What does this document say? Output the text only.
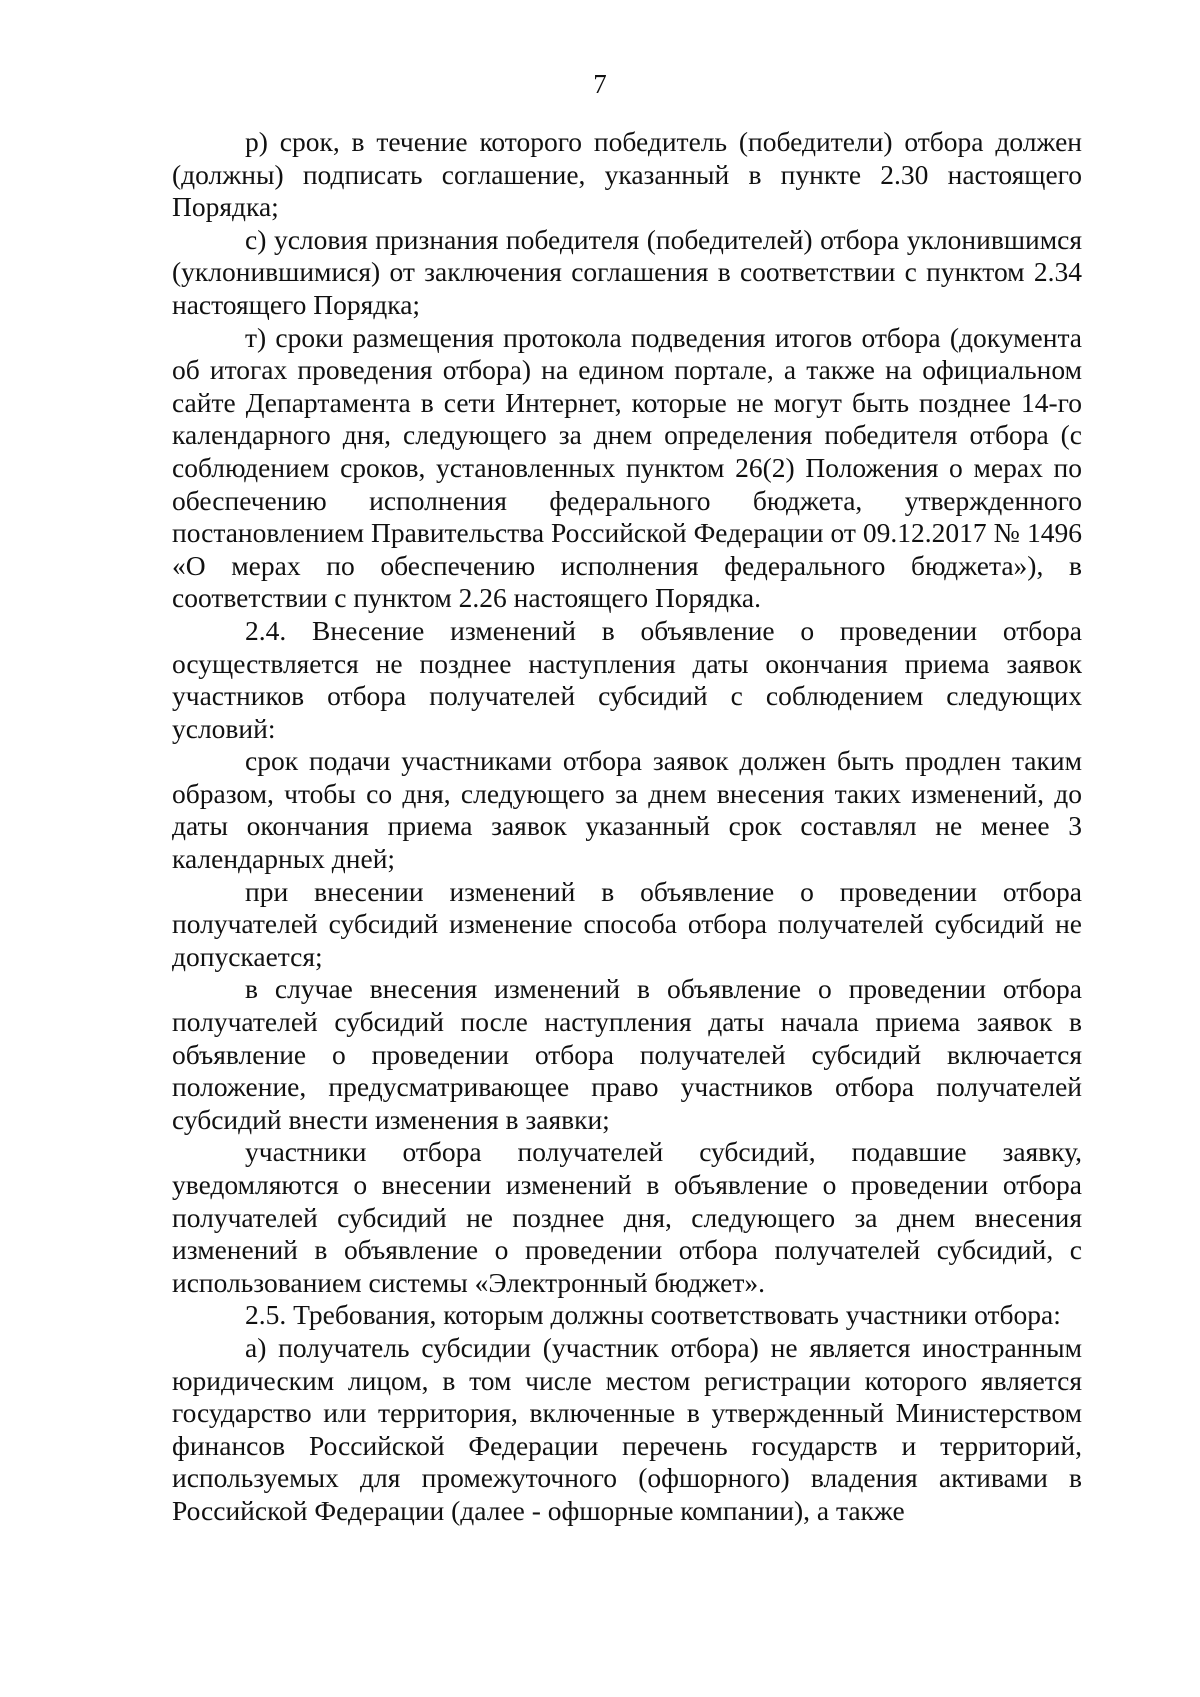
7

р) срок, в течение которого победитель (победители) отбора должен (должны) подписать соглашение, указанный в пункте 2.30 настоящего Порядка;

с) условия признания победителя (победителей) отбора уклонившимся (уклонившимися) от заключения соглашения в соответствии с пунктом 2.34 настоящего Порядка;

т) сроки размещения протокола подведения итогов отбора (документа об итогах проведения отбора) на едином портале, а также на официальном сайте Департамента в сети Интернет, которые не могут быть позднее 14-го календарного дня, следующего за днем определения победителя отбора (с соблюдением сроков, установленных пунктом 26(2) Положения о мерах по обеспечению исполнения федерального бюджета, утвержденного постановлением Правительства Российской Федерации от 09.12.2017 № 1496 «О мерах по обеспечению исполнения федерального бюджета»), в соответствии с пунктом 2.26 настоящего Порядка.

2.4. Внесение изменений в объявление о проведении отбора осуществляется не позднее наступления даты окончания приема заявок участников отбора получателей субсидий с соблюдением следующих условий:

срок подачи участниками отбора заявок должен быть продлен таким образом, чтобы со дня, следующего за днем внесения таких изменений, до даты окончания приема заявок указанный срок составлял не менее 3 календарных дней;

при внесении изменений в объявление о проведении отбора получателей субсидий изменение способа отбора получателей субсидий не допускается;

в случае внесения изменений в объявление о проведении отбора получателей субсидий после наступления даты начала приема заявок в объявление о проведении отбора получателей субсидий включается положение, предусматривающее право участников отбора получателей субсидий внести изменения в заявки;

участники отбора получателей субсидий, подавшие заявку, уведомляются о внесении изменений в объявление о проведении отбора получателей субсидий не позднее дня, следующего за днем внесения изменений в объявление о проведении отбора получателей субсидий, с использованием системы «Электронный бюджет».

2.5. Требования, которым должны соответствовать участники отбора:

а) получатель субсидии (участник отбора) не является иностранным юридическим лицом, в том числе местом регистрации которого является государство или территория, включенные в утвержденный Министерством финансов Российской Федерации перечень государств и территорий, используемых для промежуточного (офшорного) владения активами в Российской Федерации (далее - офшорные компании), а также
